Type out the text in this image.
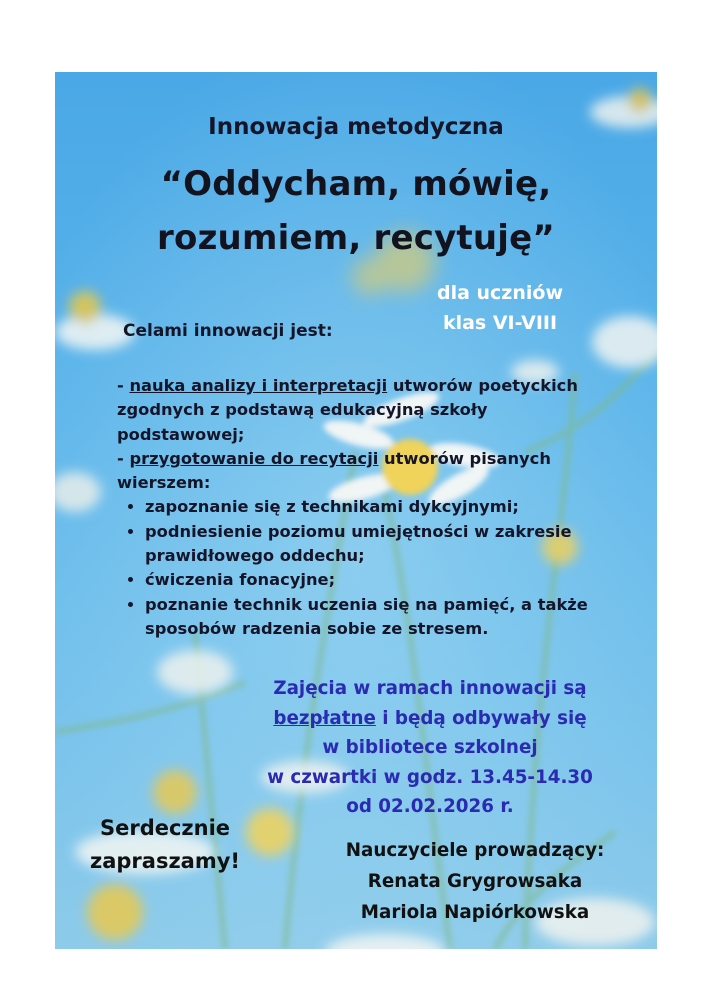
Innowacja metodyczna

“Oddycham, mówię,

rozumiem, recytuję”

dla uczniów
klas VI-VIII

Celami innowacji jest:

- nauka analizy i interpretacji utworów poetyckich zgodnych z podstawą edukacyjną szkoły podstawowej;

- przygotowanie do recytacji utworów pisanych wierszem:

• zapoznanie się z technikami dykcyjnymi;
• podniesienie poziomu umiejętności w zakresie prawidłowego oddechu;
• ćwiczenia fonacyjne;
• poznanie technik uczenia się na pamięć, a także sposobów radzenia sobie ze stresem.

Zajęcia w ramach innowacji są

bezpłatne i będą odbywały się

w bibliotece szkolnej

w czwartki w godz. 13.45-14.30

od 02.02.2026 r.

Serdecznie

zapraszamy!	Nauczyciele prowadzący:

Renata Grygrowsaka

Mariola Napiórkowska
